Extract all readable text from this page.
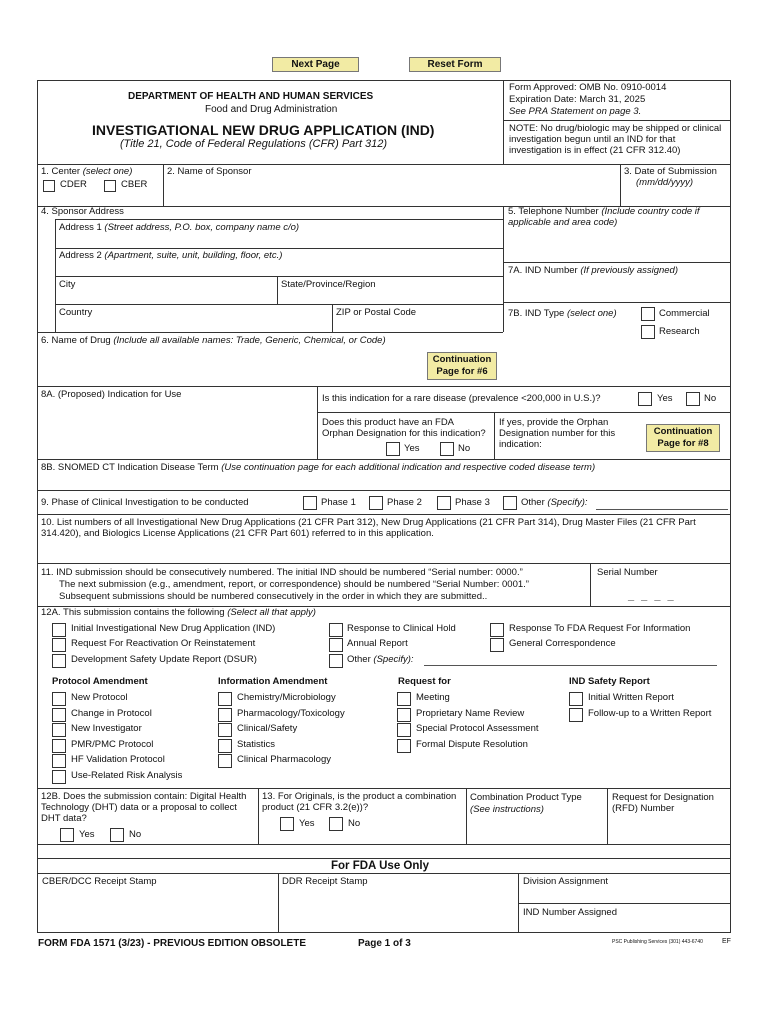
Next Page	Reset Form
DEPARTMENT OF HEALTH AND HUMAN SERVICES
Food and Drug Administration
INVESTIGATIONAL NEW DRUG APPLICATION (IND)
(Title 21, Code of Federal Regulations (CFR) Part 312)
Form Approved: OMB No. 0910-0014
Expiration Date: March 31, 2025
See PRA Statement on page 3.
NOTE: No drug/biologic may be shipped or clinical investigation begun until an IND for that investigation is in effect (21 CFR 312.40)
1. Center (select one)
CDER	CBER
2. Name of Sponsor	3. Date of Submission
(mm/dd/yyyy)
4. Sponsor Address
Address 1 (Street address, P.O. box, company name c/o)
Address 2 (Apartment, suite, unit, building, floor, etc.)
City	State/Province/Region
Country	ZIP or Postal Code
5. Telephone Number (Include country code if applicable and area code)
7A. IND Number (If previously assigned)
7B. IND Type (select one)	Commercial
Research
6. Name of Drug (Include all available names: Trade, Generic, Chemical, or Code)
Continuation
Page for #6
8A. (Proposed) Indication for Use	Is this indication for a rare disease (prevalence <200,000 in U.S.)?	Yes	No
Does this product have an FDA Orphan Designation for this indication?
Yes	No
If yes, provide the Orphan Designation number for this indication:
Continuation
Page for #8
8B. SNOMED CT Indication Disease Term (Use continuation page for each additional indication and respective coded disease term)
9. Phase of Clinical Investigation to be conducted	Phase 1	Phase 2	Phase 3	Other (Specify):
10. List numbers of all Investigational New Drug Applications (21 CFR Part 312), New Drug Applications (21 CFR Part 314), Drug Master Files (21 CFR Part 314.420), and Biologics License Applications (21 CFR Part 601) referred to in this application.
11. IND submission should be consecutively numbered. The initial IND should be numbered “Serial number: 0000.”
The next submission (e.g., amendment, report, or correspondence) should be numbered “Serial Number: 0001.”
Subsequent submissions should be numbered consecutively in the order in which they are submitted..
Serial Number
_ _ _ _
12A. This submission contains the following (Select all that apply)
Initial Investigational New Drug Application (IND)
Request For Reactivation Or Reinstatement
Development Safety Update Report (DSUR)
Response to Clinical Hold
Annual Report
Other (Specify):
Response To FDA Request For Information
General Correspondence
Protocol Amendment
New Protocol
Change in Protocol
New Investigator
PMR/PMC Protocol
HF Validation Protocol
Use-Related Risk Analysis
Information Amendment
Chemistry/Microbiology
Pharmacology/Toxicology
Clinical/Safety
Statistics
Clinical Pharmacology
Request for
Meeting
Proprietary Name Review
Special Protocol Assessment
Formal Dispute Resolution
IND Safety Report
Initial Written Report
Follow-up to a Written Report
12B. Does the submission contain: Digital Health Technology (DHT) data or a proposal to collect DHT data?
Yes	No
13. For Originals, is the product a combination product (21 CFR 3.2(e))?
Yes	No
Combination Product Type
(See instructions)
Request for Designation (RFD) Number
For FDA Use Only
CBER/DCC Receipt Stamp	DDR Receipt Stamp	Division Assignment
IND Number Assigned
FORM FDA 1571 (3/23) - PREVIOUS EDITION OBSOLETE	Page 1 of 3	PSC Publishing Services (301) 443-6740	EF
